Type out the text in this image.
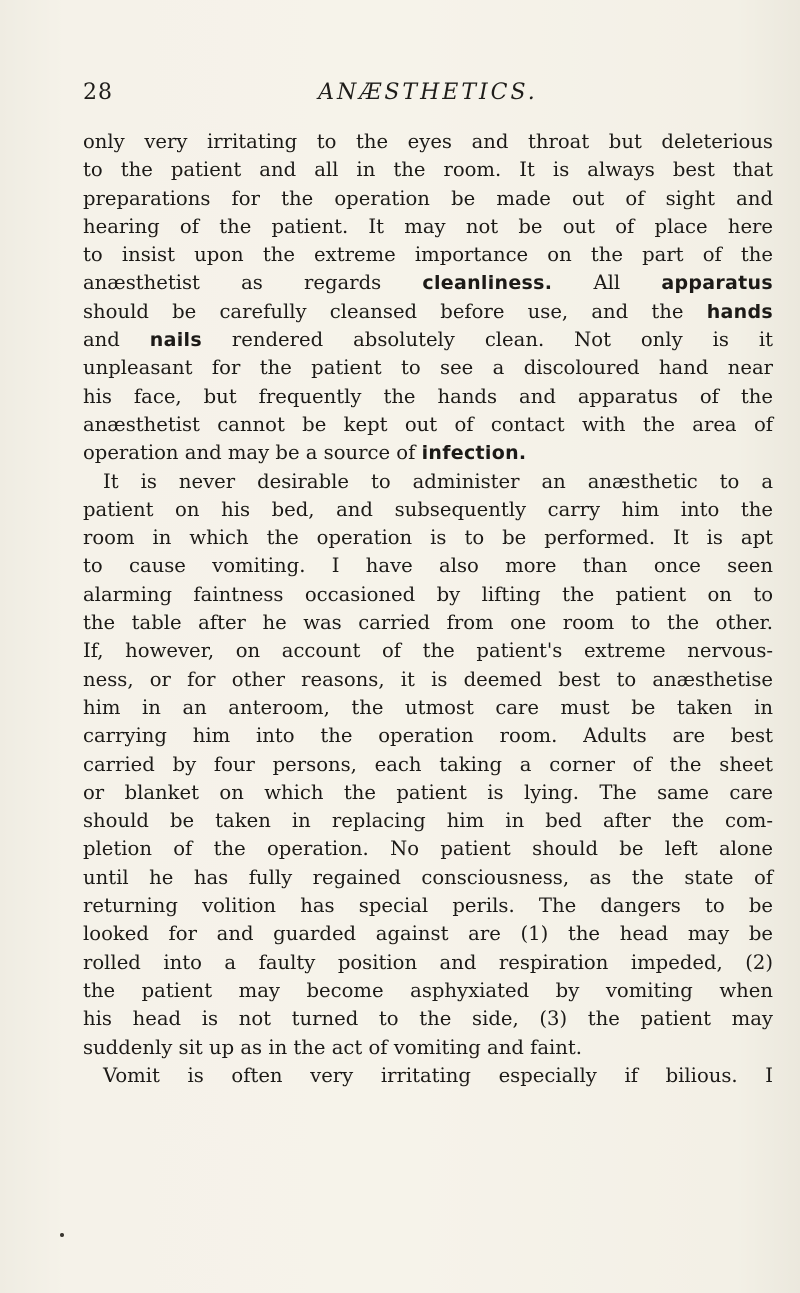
28	ANÆSTHETICS.
only very irritating to the eyes and throat but deleterious
to the patient and all in the room. It is always best that
preparations for the operation be made out of sight and
hearing of the patient. It may not be out of place here
to insist upon the extreme importance on the part of the
anæsthetist as regards cleanliness. All apparatus
should be carefully cleansed before use, and the hands
and nails rendered absolutely clean. Not only is it
unpleasant for the patient to see a discoloured hand near
his face, but frequently the hands and apparatus of the
anæsthetist cannot be kept out of contact with the area of
operation and may be a source of infection.
It is never desirable to administer an anæsthetic to a
patient on his bed, and subsequently carry him into the
room in which the operation is to be performed. It is apt
to cause vomiting. I have also more than once seen
alarming faintness occasioned by lifting the patient on to
the table after he was carried from one room to the other.
If, however, on account of the patient's extreme nervous-
ness, or for other reasons, it is deemed best to anæsthetise
him in an anteroom, the utmost care must be taken in
carrying him into the operation room. Adults are best
carried by four persons, each taking a corner of the sheet
or blanket on which the patient is lying. The same care
should be taken in replacing him in bed after the com-
pletion of the operation. No patient should be left alone
until he has fully regained consciousness, as the state of
returning volition has special perils. The dangers to be
looked for and guarded against are (1) the head may be
rolled into a faulty position and respiration impeded, (2)
the patient may become asphyxiated by vomiting when
his head is not turned to the side, (3) the patient may
suddenly sit up as in the act of vomiting and faint.
Vomit is often very irritating especially if bilious. I
